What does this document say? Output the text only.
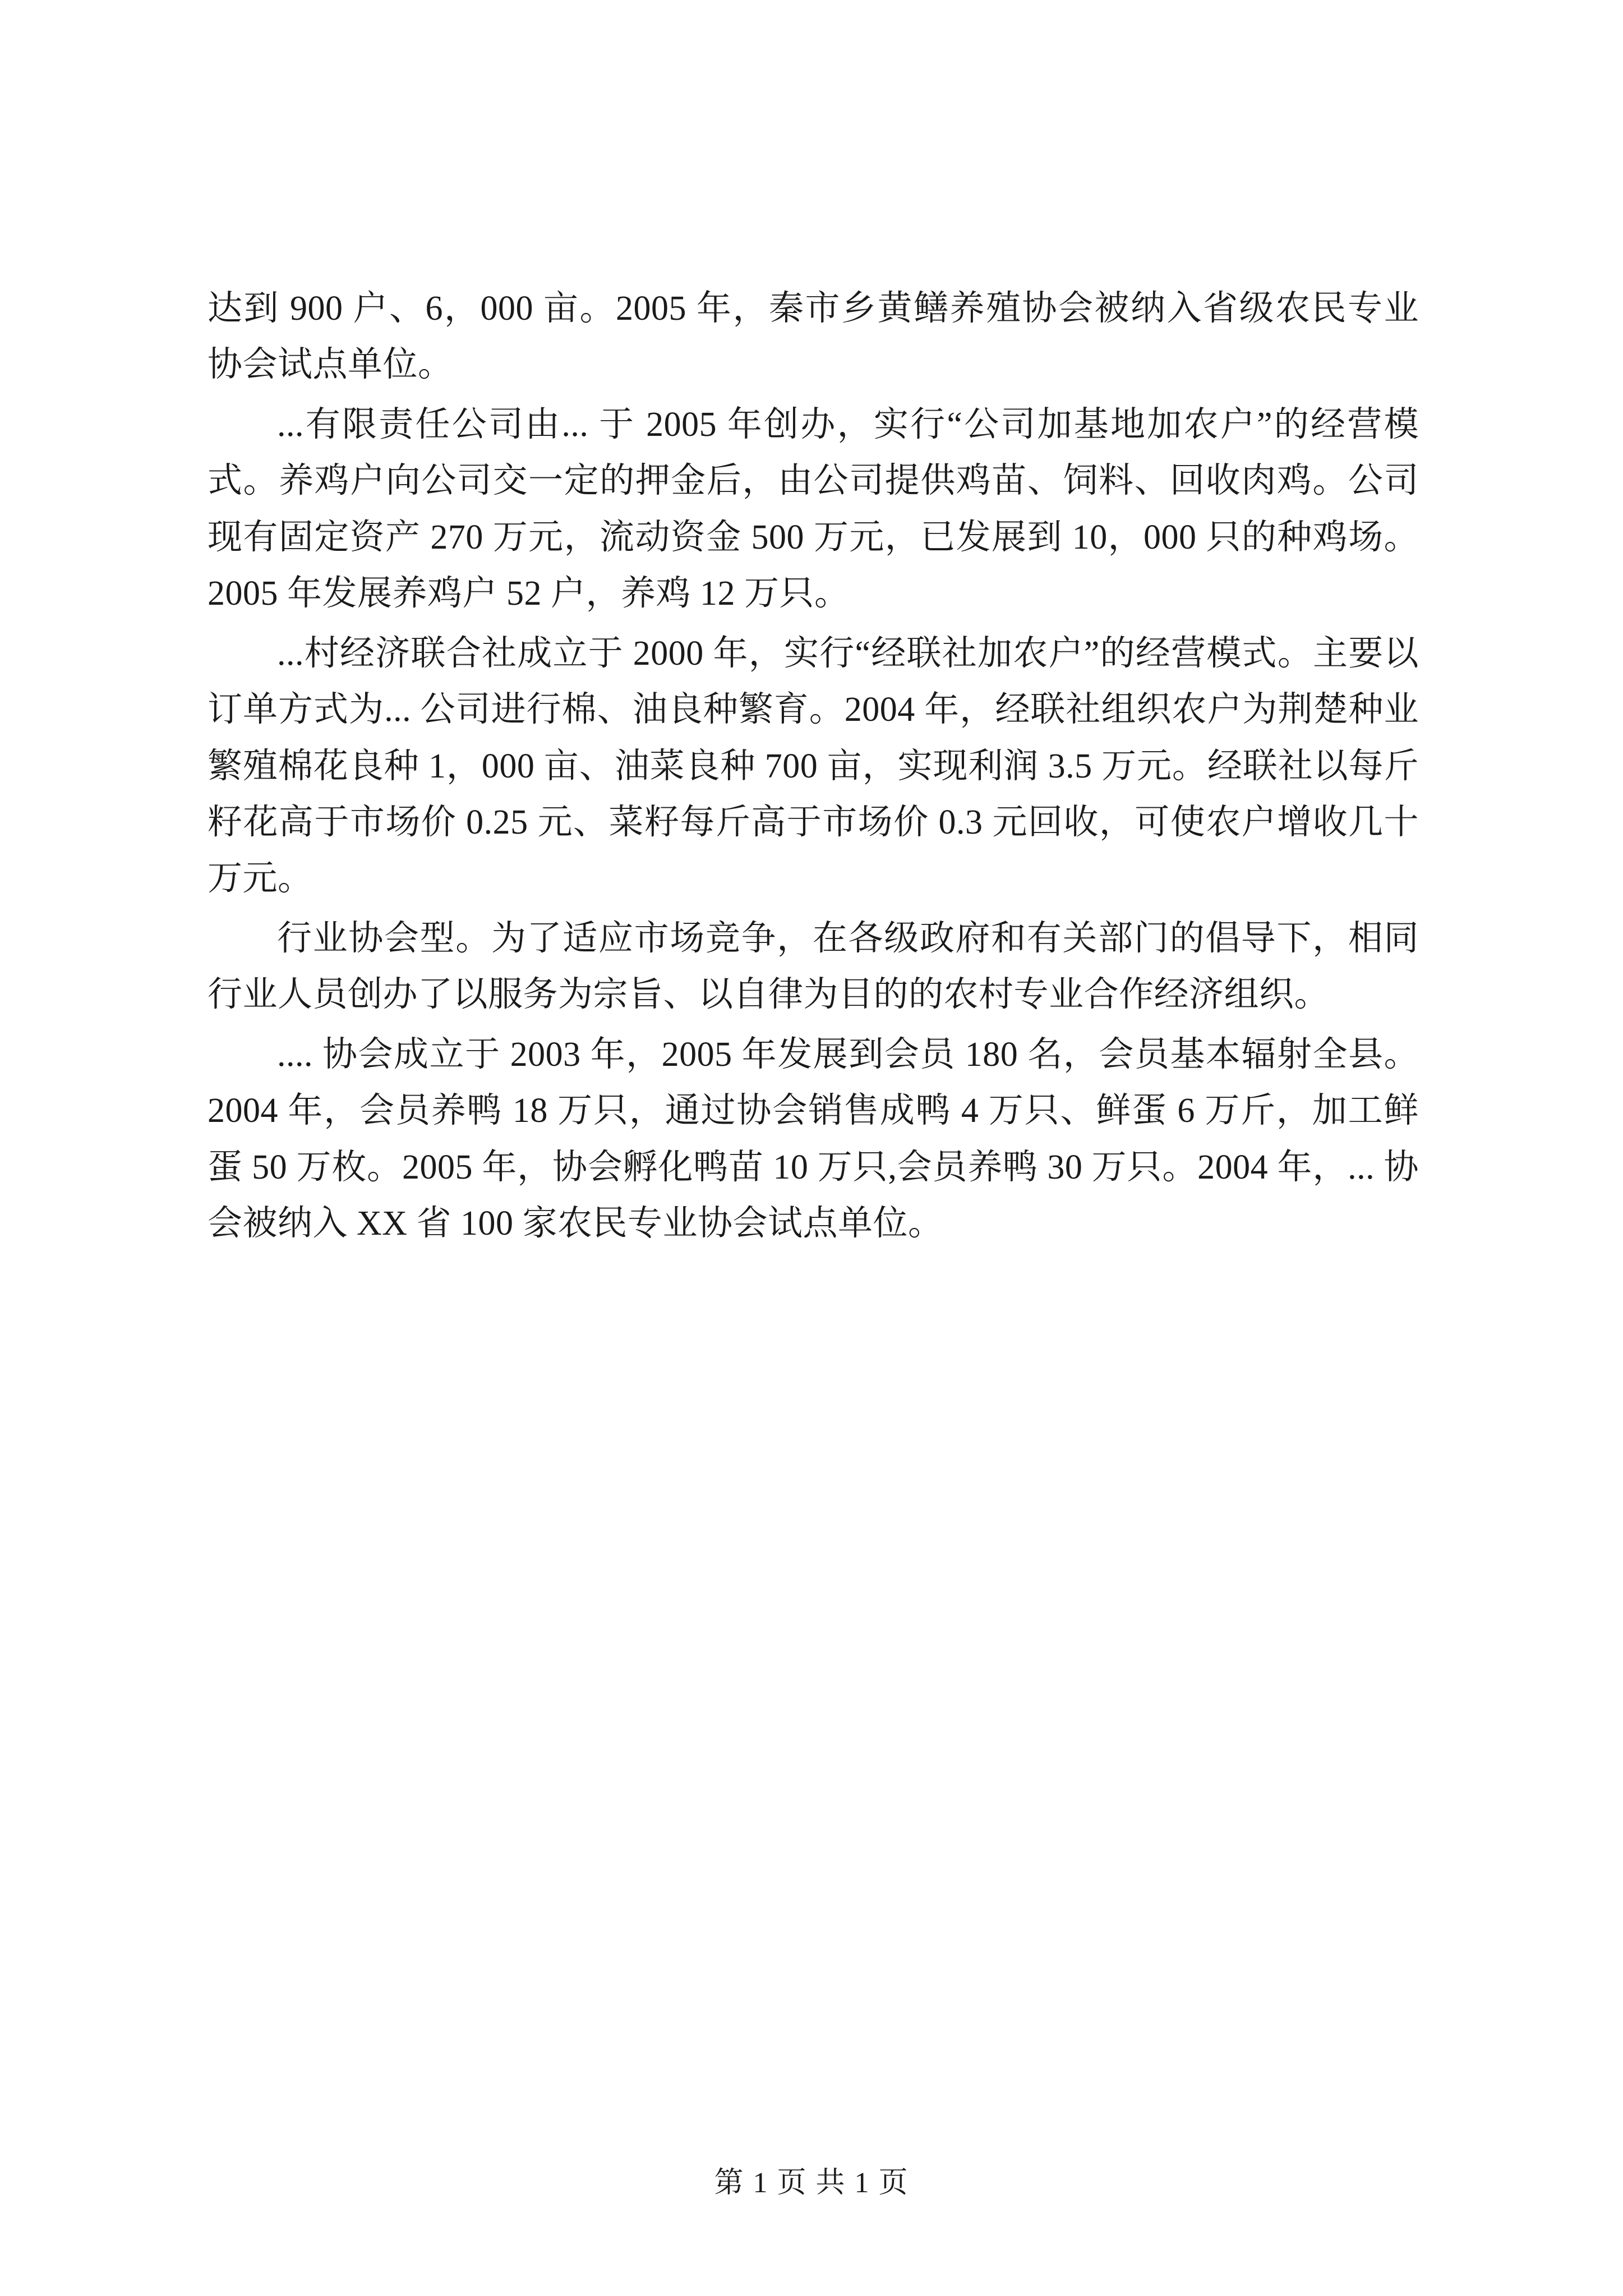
达到 900 户、6，000 亩。2005 年，秦市乡黄鳝养殖协会被纳入省级农民专业协会试点单位。

...有限责任公司由... 于 2005 年创办，实行“公司加基地加农户”的经营模式。养鸡户向公司交一定的押金后，由公司提供鸡苗、饲料、回收肉鸡。公司现有固定资产 270 万元，流动资金 500 万元，已发展到 10，000 只的种鸡场。2005 年发展养鸡户 52 户，养鸡 12 万只。

...村经济联合社成立于 2000 年，实行“经联社加农户”的经营模式。主要以订单方式为... 公司进行棉、油良种繁育。2004 年，经联社组织农户为荆楚种业繁殖棉花良种 1，000 亩、油菜良种 700 亩，实现利润 3.5 万元。经联社以每斤籽花高于市场价 0.25 元、菜籽每斤高于市场价 0.3 元回收，可使农户增收几十万元。

行业协会型。为了适应市场竞争，在各级政府和有关部门的倡导下，相同行业人员创办了以服务为宗旨、以自律为目的的农村专业合作经济组织。

.... 协会成立于 2003 年，2005 年发展到会员 180 名，会员基本辐射全县。2004 年，会员养鸭 18 万只，通过协会销售成鸭 4 万只、鲜蛋 6 万斤，加工鲜蛋 50 万枚。2005 年，协会孵化鸭苗 10 万只,会员养鸭 30 万只。2004 年，... 协会被纳入 XX 省 100 家农民专业协会试点单位。

第 1 页 共 1 页
